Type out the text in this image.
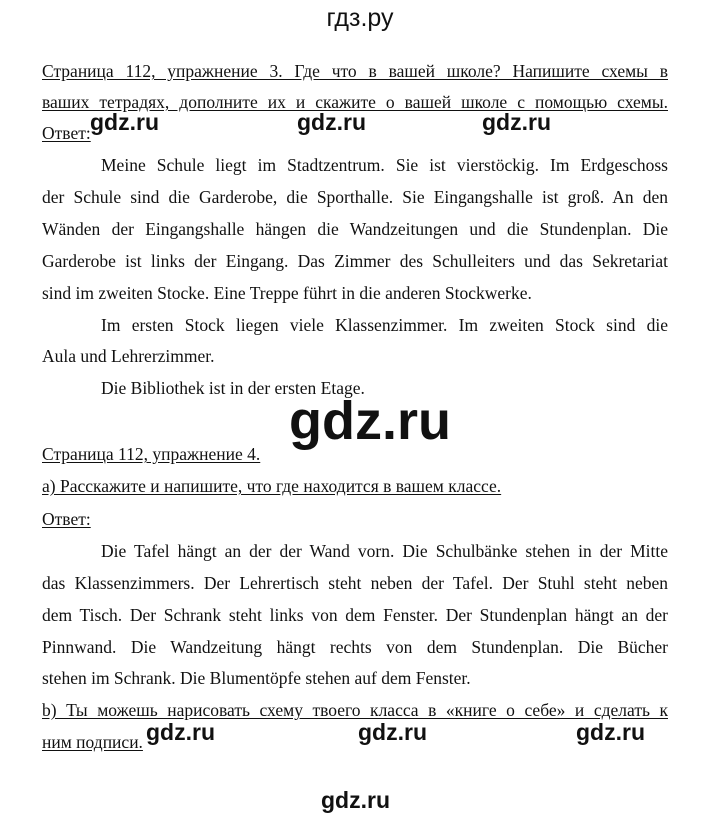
гдз.ру
Страница 112, упражнение 3. Где что в вашей школе? Напишите схемы в
ваших тетрадях, дополните их и скажите о вашей школе с помощью схемы.
Ответ: gdz.ru	gdz.ru	gdz.ru
Meine Schule liegt im Stadtzentrum. Sie ist vierstöckig. Im Erdgeschoss
der Schule sind die Garderobe, die Sporthalle. Sie Eingangshalle ist groß. An den
Wänden der Eingangshalle hängen die Wandzeitungen und die Stundenplan. Die
Garderobe ist links der Eingang. Das Zimmer des Schulleiters und das Sekretariat
sind im zweiten Stocke. Eine Treppe führt in die anderen Stockwerke.
Im ersten Stock liegen viele Klassenzimmer. Im zweiten Stock sind die
Aula und Lehrerzimmer.
Die Bibliothek ist in der ersten Etage.
gdz.ru
Страница 112, упражнение 4.
а) Расскажите и напишите, что где находится в вашем классе.
Ответ:
Die Tafel hängt an der der Wand vorn. Die Schulbänke stehen in der Mitte
das Klassenzimmers. Der Lehrertisch steht neben der Tafel. Der Stuhl steht neben
dem Tisch. Der Schrank steht links von dem Fenster. Der Stundenplan hängt an der
Pinnwand. Die Wandzeitung hängt rechts von dem Stundenplan. Die Bücher
stehen im Schrank. Die Blumentöpfe stehen auf dem Fenster.
b) Ты можешь нарисовать схему твоего класса в «книге о себе» и сделать к
ним подписи. gdz.ru	gdz.ru	gdz.ru
gdz.ru
